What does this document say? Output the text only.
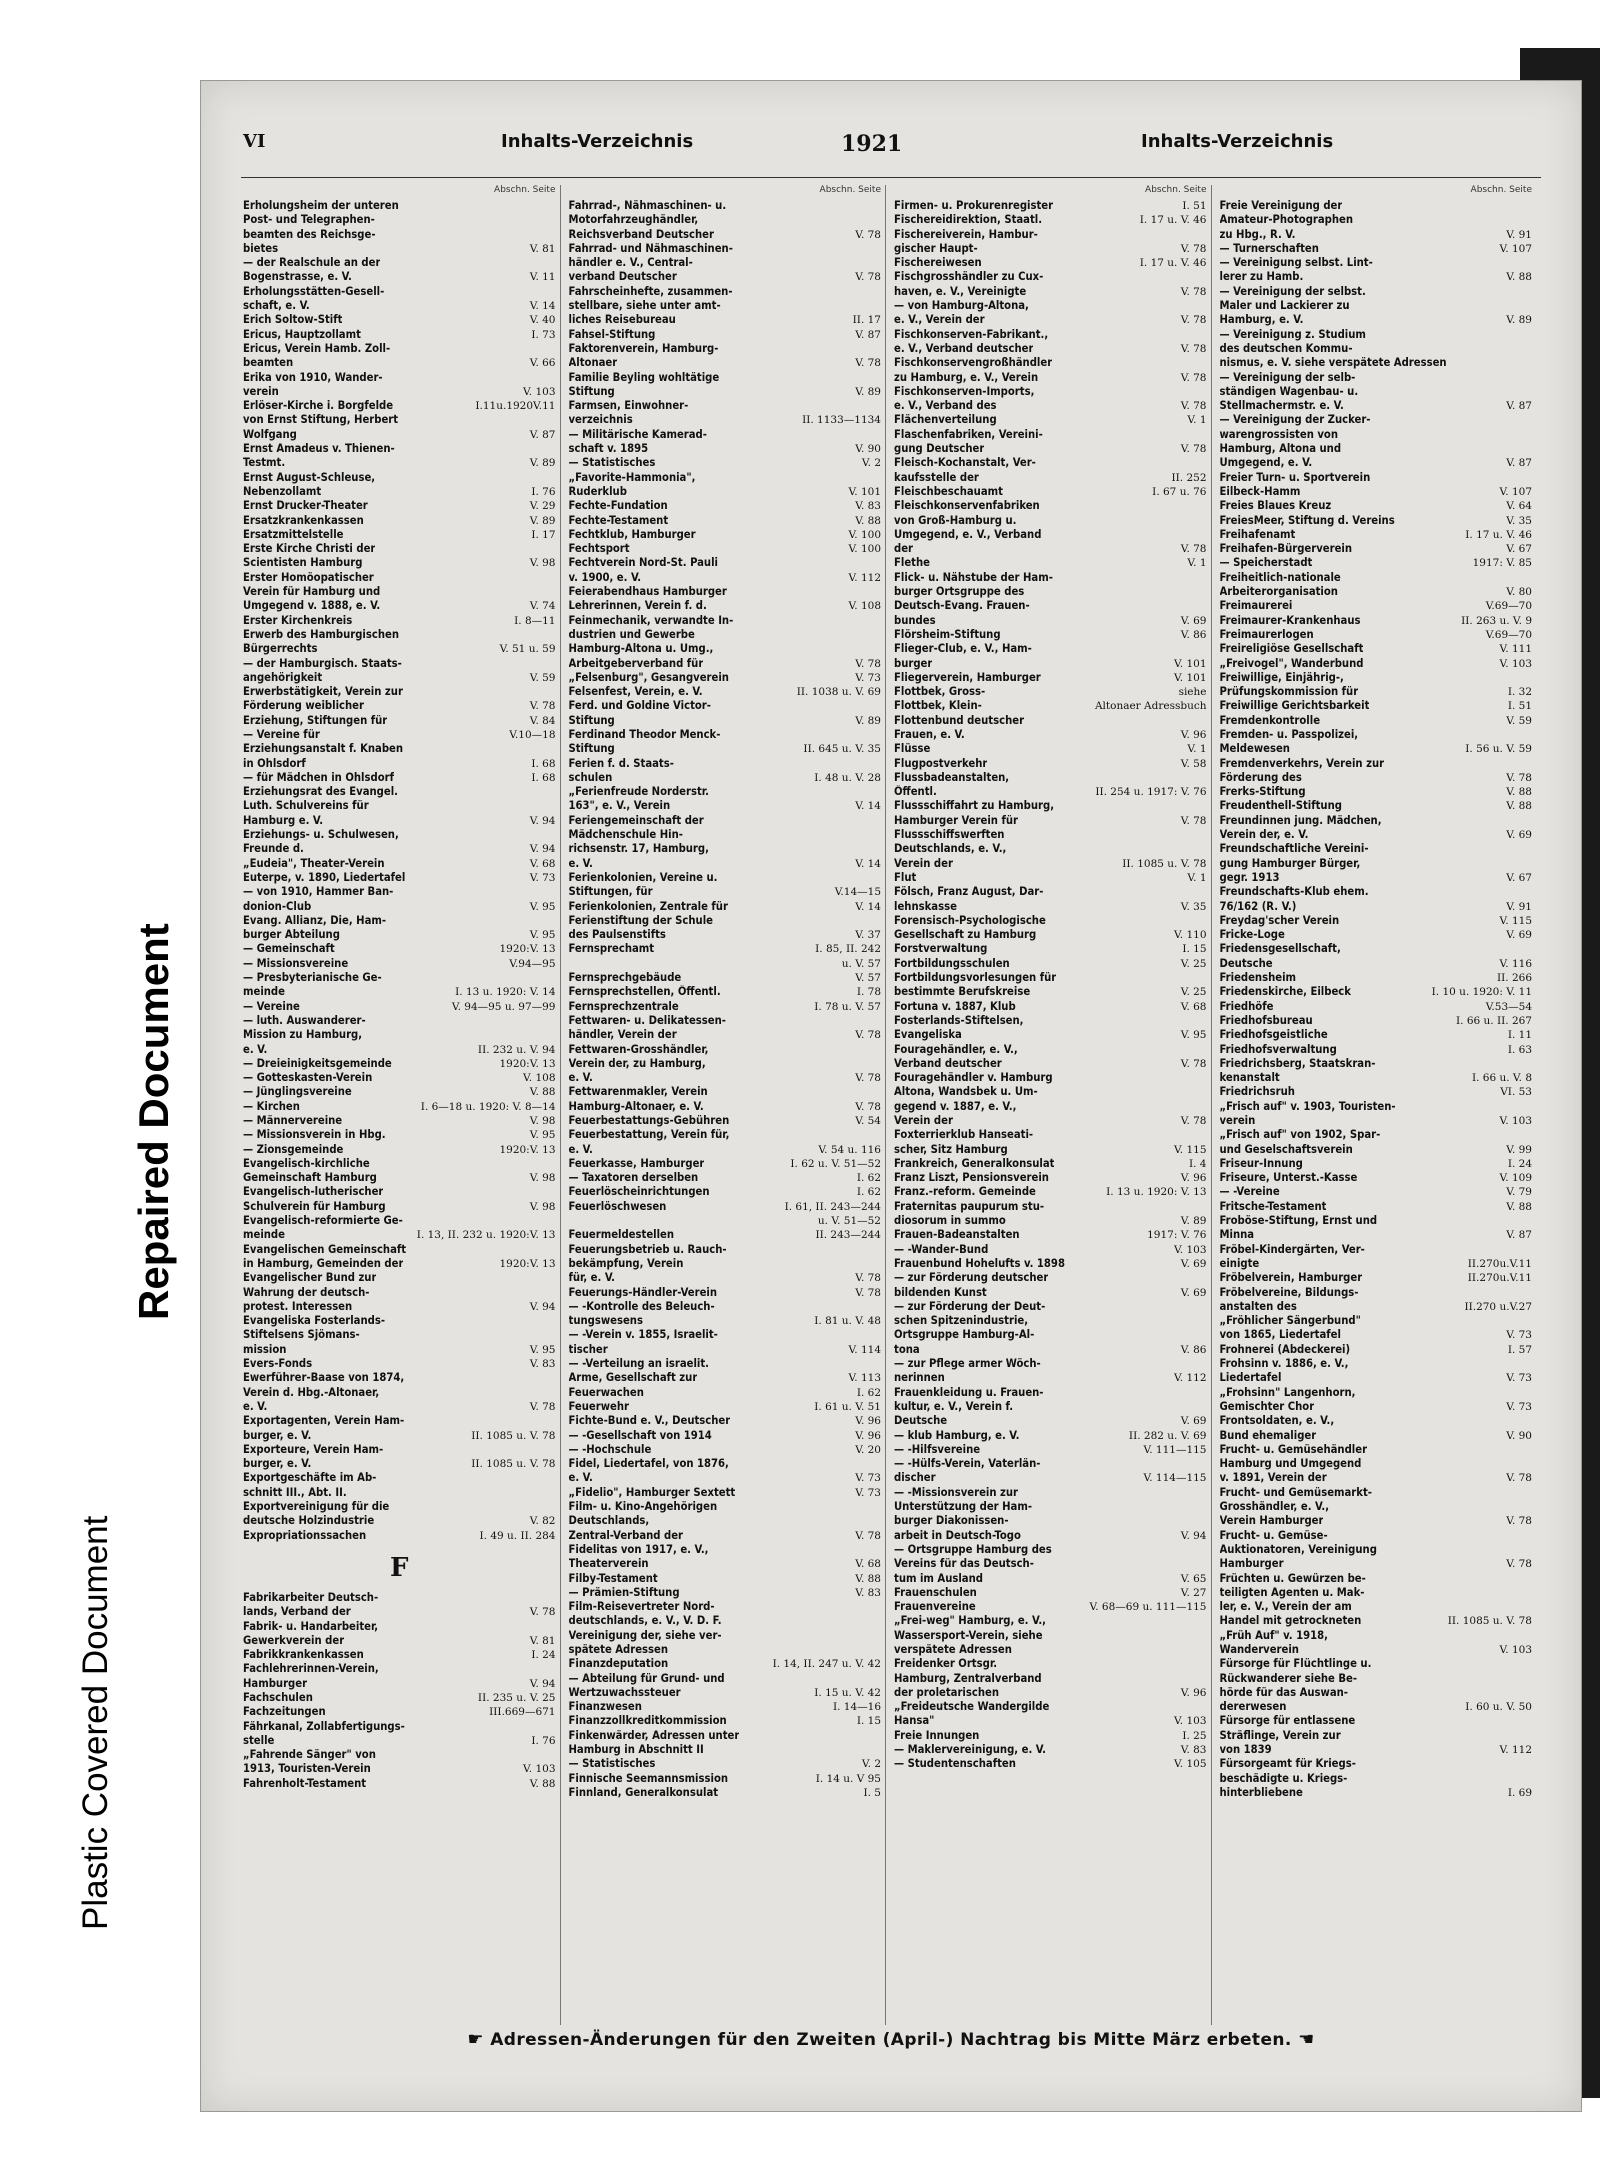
Repaired Document
Plastic Covered Document
VI	Inhalts-Verzeichnis	1921	Inhalts-Verzeichnis
Abschn. Seite
Erholungsheim der unteren
Post- und Telegraphen-
beamten des Reichsge-
bietes	V. 81
— der Realschule an der
Bogenstrasse, e. V.	V. 11
Erholungsstätten-Gesell-
schaft, e. V.	V. 14
Erich Soltow-Stift	V. 40
Ericus, Hauptzollamt	I. 73
Ericus, Verein Hamb. Zoll-
beamten	V. 66
Erika von 1910, Wander-
verein	V. 103
Erlöser-Kirche i. Borgfelde	I.11u.1920V.11
von Ernst Stiftung, Herbert
Wolfgang	V. 87
Ernst Amadeus v. Thienen-
Testmt.	V. 89
Ernst August-Schleuse,
Nebenzollamt	I. 76
Ernst Drucker-Theater	V. 29
Ersatzkrankenkassen	V. 89
Ersatzmittelstelle	I. 17
Erste Kirche Christi der
Scientisten Hamburg	V. 98
Erster Homöopatischer
Verein für Hamburg und
Umgegend v. 1888, e. V.	V. 74
Erster Kirchenkreis	I. 8—11
Erwerb des Hamburgischen
Bürgerrechts	V. 51 u. 59
— der Hamburgisch. Staats-
angehörigkeit	V. 59
Erwerbstätigkeit, Verein zur
Förderung weiblicher	V. 78
Erziehung, Stiftungen für	V. 84
— Vereine für	V.10—18
Erziehungsanstalt f. Knaben
in Ohlsdorf	I. 68
— für Mädchen in Ohlsdorf	I. 68
Erziehungsrat des Evangel.
Luth. Schulvereins für
Hamburg e. V.	V. 94
Erziehungs- u. Schulwesen,
Freunde d.	V. 94
„Eudeia", Theater-Verein	V. 68
Euterpe, v. 1890, Liedertafel	V. 73
— von 1910, Hammer Ban-
donion-Club	V. 95
Evang. Allianz, Die, Ham-
burger Abteilung	V. 95
— Gemeinschaft	1920:V. 13
— Missionsvereine	V.94—95
— Presbyterianische Ge-
meinde	I. 13 u. 1920: V. 14
— Vereine	V. 94—95 u. 97—99
— luth. Auswanderer-
Mission zu Hamburg,
e. V.	II. 232 u. V. 94
— Dreieinigkeitsgemeinde	1920:V. 13
— Gotteskasten-Verein	V. 108
— Jünglingsvereine	V. 88
— Kirchen	I. 6—18 u. 1920: V. 8—14
— Männervereine	V. 98
— Missionsverein in Hbg.	V. 95
— Zionsgemeinde	1920:V. 13
Evangelisch-kirchliche
Gemeinschaft Hamburg	V. 98
Evangelisch-lutherischer
Schulverein für Hamburg	V. 98
Evangelisch-reformierte Ge-
meinde	I. 13, II. 232 u. 1920:V. 13
Evangelischen Gemeinschaft
in Hamburg, Gemeinden der	1920:V. 13
Evangelischer Bund zur
Wahrung der deutsch-
protest. Interessen	V. 94
Evangeliska Fosterlands-
Stiftelsens Sjömans-
mission	V. 95
Evers-Fonds	V. 83
Ewerführer-Baase von 1874,
Verein d. Hbg.-Altonaer,
e. V.	V. 78
Exportagenten, Verein Ham-
burger, e. V.	II. 1085 u. V. 78
Exporteure, Verein Ham-
burger, e. V.	II. 1085 u. V. 78
Exportgeschäfte im Ab-
schnitt III., Abt. II.
Exportvereinigung für die
deutsche Holzindustrie	V. 82
Expropriationssachen	I. 49 u. II. 284
F
Fabrikarbeiter Deutsch-
lands, Verband der	V. 78
Fabrik- u. Handarbeiter,
Gewerkverein der	V. 81
Fabrikkrankenkassen	I. 24
Fachlehrerinnen-Verein,
Hamburger	V. 94
Fachschulen	II. 235 u. V. 25
Fachzeitungen	III.669—671
Fährkanal, Zollabfertigungs-
stelle	I. 76
„Fahrende Sänger" von
1913, Touristen-Verein	V. 103
Fahrenholt-Testament	V. 88
Abschn. Seite
Fahrrad-, Nähmaschinen- u.
Motorfahrzeughändler,
Reichsverband Deutscher	V. 78
Fahrrad- und Nähmaschinen-
händler e. V., Central-
verband Deutscher	V. 78
Fahrscheinhefte, zusammen-
stellbare, siehe unter amt-
liches Reisebureau	II. 17
Fahsel-Stiftung	V. 87
Faktorenverein, Hamburg-
Altonaer	V. 78
Familie Beyling wohltätige
Stiftung	V. 89
Farmsen, Einwohner-
verzeichnis	II. 1133—1134
— Militärische Kamerad-
schaft v. 1895	V. 90
— Statistisches	V. 2
„Favorite-Hammonia",
Ruderklub	V. 101
Fechte-Fundation	V. 83
Fechte-Testament	V. 88
Fechtklub, Hamburger	V. 100
Fechtsport	V. 100
Fechtverein Nord-St. Pauli
v. 1900, e. V.	V. 112
Feierabendhaus Hamburger
Lehrerinnen, Verein f. d.	V. 108
Feinmechanik, verwandte In-
dustrien und Gewerbe
Hamburg-Altona u. Umg.,
Arbeitgeberverband für	V. 78
„Felsenburg", Gesangverein	V. 73
Felsenfest, Verein, e. V.	II. 1038 u. V. 69
Ferd. und Goldine Victor-
Stiftung	V. 89
Ferdinand Theodor Menck-
Stiftung	II. 645 u. V. 35
Ferien f. d. Staats-
schulen	I. 48 u. V. 28
„Ferienfreude Norderstr.
163", e. V., Verein	V. 14
Feriengemeinschaft der
Mädchenschule Hin-
richsenstr. 17, Hamburg,
e. V.	V. 14
Ferienkolonien, Vereine u.
Stiftungen, für	V.14—15
Ferienkolonien, Zentrale für	V. 14
Ferienstiftung der Schule
des Paulsenstifts	V. 37
Fernsprechamt	I. 85, II. 242
u. V. 57
Fernsprechgebäude	V. 57
Fernsprechstellen, Öffentl.	I. 78
Fernsprechzentrale	I. 78 u. V. 57
Fettwaren- u. Delikatessen-
händler, Verein der	V. 78
Fettwaren-Grosshändler,
Verein der, zu Hamburg,
e. V.	V. 78
Fettwarenmakler, Verein
Hamburg-Altonaer, e. V.	V. 78
Feuerbestattungs-Gebühren	V. 54
Feuerbestattung, Verein für,
e. V.	V. 54 u. 116
Feuerkasse, Hamburger	I. 62 u. V. 51—52
— Taxatoren derselben	I. 62
Feuerlöscheinrichtungen	I. 62
Feuerlöschwesen	I. 61, II. 243—244
u. V. 51—52
Feuermeldestellen	II. 243—244
Feuerungsbetrieb u. Rauch-
bekämpfung, Verein
für, e. V.	V. 78
Feuerungs-Händler-Verein	V. 78
— -Kontrolle des Beleuch-
tungswesens	I. 81 u. V. 48
— -Verein v. 1855, Israelit-
tischer	V. 114
— -Verteilung an israelit.
Arme, Gesellschaft zur	V. 113
Feuerwachen	I. 62
Feuerwehr	I. 61 u. V. 51
Fichte-Bund e. V., Deutscher	V. 96
— -Gesellschaft von 1914	V. 96
— -Hochschule	V. 20
Fidel, Liedertafel, von 1876,
e. V.	V. 73
„Fidelio", Hamburger Sextett	V. 73
Film- u. Kino-Angehörigen
Deutschlands,
Zentral-Verband der	V. 78
Fidelitas von 1917, e. V.,
Theaterverein	V. 68
Filby-Testament	V. 88
— Prämien-Stiftung	V. 83
Film-Reisevertreter Nord-
deutschlands, e. V., V. D. F.
Vereinigung der, siehe ver-
spätete Adressen
Finanzdeputation	I. 14, II. 247 u. V. 42
— Abteilung für Grund- und
Wertzuwachssteuer	I. 15 u. V. 42
Finanzwesen	I. 14—16
Finanzzollkreditkommission	I. 15
Finkenwärder, Adressen unter
Hamburg in Abschnitt II
— Statistisches	V. 2
Finnische Seemannsmission	I. 14 u. V 95
Finnland, Generalkonsulat	I. 5
Abschn. Seite
Firmen- u. Prokurenregister	I. 51
Fischereidirektion, Staatl.	I. 17 u. V. 46
Fischereiverein, Hambur-
gischer Haupt-	V. 78
Fischereiwesen	I. 17 u. V. 46
Fischgrosshändler zu Cux-
haven, e. V., Vereinigte	V. 78
— von Hamburg-Altona,
e. V., Verein der	V. 78
Fischkonserven-Fabrikant.,
e. V., Verband deutscher	V. 78
Fischkonservengroßhändler
zu Hamburg, e. V., Verein	V. 78
Fischkonserven-Imports,
e. V., Verband des	V. 78
Flächenverteilung	V. 1
Flaschenfabriken, Vereini-
gung Deutscher	V. 78
Fleisch-Kochanstalt, Ver-
kaufsstelle der	II. 252
Fleischbeschauamt	I. 67 u. 76
Fleischkonservenfabriken
von Groß-Hamburg u.
Umgegend, e. V., Verband
der	V. 78
Flethe	V. 1
Flick- u. Nähstube der Ham-
burger Ortsgruppe des
Deutsch-Evang. Frauen-
bundes	V. 69
Flörsheim-Stiftung	V. 86
Flieger-Club, e. V., Ham-
burger	V. 101
Fliegerverein, Hamburger	V. 101
Flottbek, Gross-	siehe
Flottbek, Klein-	Altonaer Adressbuch
Flottenbund deutscher
Frauen, e. V.	V. 96
Flüsse	V. 1
Flugpostverkehr	V. 58
Flussbadeanstalten,
Öffentl.	II. 254 u. 1917: V. 76
Flussschiffahrt zu Hamburg,
Hamburger Verein für	V. 78
Flussschiffswerften
Deutschlands, e. V.,
Verein der	II. 1085 u. V. 78
Flut	V. 1
Fölsch, Franz August, Dar-
lehnskasse	V. 35
Forensisch-Psychologische
Gesellschaft zu Hamburg	V. 110
Forstverwaltung	I. 15
Fortbildungsschulen	V. 25
Fortbildungsvorlesungen für
bestimmte Berufskreise	V. 25
Fortuna v. 1887, Klub	V. 68
Fosterlands-Stiftelsen,
Evangeliska	V. 95
Fouragehändler, e. V.,
Verband deutscher	V. 78
Fouragehändler v. Hamburg
Altona, Wandsbek u. Um-
gegend v. 1887, e. V.,
Verein der	V. 78
Foxterrierklub Hanseati-
scher, Sitz Hamburg	V. 115
Frankreich, Generalkonsulat	I. 4
Franz Liszt, Pensionsverein	V. 96
Franz.-reform. Gemeinde	I. 13 u. 1920: V. 13
Fraternitas paupurum stu-
diosorum in summo	V. 89
Frauen-Badeanstalten	1917: V. 76
— -Wander-Bund	V. 103
Frauenbund Hohelufts v. 1898	V. 69
— zur Förderung deutscher
bildenden Kunst	V. 69
— zur Förderung der Deut-
schen Spitzenindustrie,
Ortsgruppe Hamburg-Al-
tona	V. 86
— zur Pflege armer Wöch-
nerinnen	V. 112
Frauenkleidung u. Frauen-
kultur, e. V., Verein f.
Deutsche	V. 69
— klub Hamburg, e. V.	II. 282 u. V. 69
— -Hilfsvereine	V. 111—115
— -Hülfs-Verein, Vaterlän-
discher	V. 114—115
— -Missionsverein zur
Unterstützung der Ham-
burger Diakonissen-
arbeit in Deutsch-Togo	V. 94
— Ortsgruppe Hamburg des
Vereins für das Deutsch-
tum im Ausland	V. 65
Frauenschulen	V. 27
Frauenvereine	V. 68—69 u. 111—115
„Frei-weg" Hamburg, e. V.,
Wassersport-Verein, siehe
verspätete Adressen
Freidenker Ortsgr.
Hamburg, Zentralverband
der proletarischen	V. 96
„Freideutsche Wandergilde
Hansa"	V. 103
Freie Innungen	I. 25
— Maklervereinigung, e. V.	V. 83
— Studentenschaften	V. 105
Abschn. Seite
Freie Vereinigung der
Amateur-Photographen
zu Hbg., R. V.	V. 91
— Turnerschaften	V. 107
— Vereinigung selbst. Lint-
lerer zu Hamb.	V. 88
— Vereinigung der selbst.
Maler und Lackierer zu
Hamburg, e. V.	V. 89
— Vereinigung z. Studium
des deutschen Kommu-
nismus, e. V. siehe verspätete Adressen
— Vereinigung der selb-
ständigen Wagenbau- u.
Stellmachermstr. e. V.	V. 87
— Vereinigung der Zucker-
warengrossisten von
Hamburg, Altona und
Umgegend, e. V.	V. 87
Freier Turn- u. Sportverein
Eilbeck-Hamm	V. 107
Freies Blaues Kreuz	V. 64
FreiesMeer, Stiftung d. Vereins	V. 35
Freihafenamt	I. 17 u. V. 46
Freihafen-Bürgerverein	V. 67
— Speicherstadt	1917: V. 85
Freiheitlich-nationale
Arbeiterorganisation	V. 80
Freimaurerei	V.69—70
Freimaurer-Krankenhaus	II. 263 u. V. 9
Freimaurerlogen	V.69—70
Freireligiöse Gesellschaft	V. 111
„Freivogel", Wanderbund	V. 103
Freiwillige, Einjährig-,
Prüfungskommission für	I. 32
Freiwillige Gerichtsbarkeit	I. 51
Fremdenkontrolle	V. 59
Fremden- u. Passpolizei,
Meldewesen	I. 56 u. V. 59
Fremdenverkehrs, Verein zur
Förderung des	V. 78
Frerks-Stiftung	V. 88
Freudenthell-Stiftung	V. 88
Freundinnen jung. Mädchen,
Verein der, e. V.	V. 69
Freundschaftliche Vereini-
gung Hamburger Bürger,
gegr. 1913	V. 67
Freundschafts-Klub ehem.
76/162 (R. V.)	V. 91
Freydag'scher Verein	V. 115
Fricke-Loge	V. 69
Friedensgesellschaft,
Deutsche	V. 116
Friedensheim	II. 266
Friedenskirche, Eilbeck	I. 10 u. 1920: V. 11
Friedhöfe	V.53—54
Friedhofsbureau	I. 66 u. II. 267
Friedhofsgeistliche	I. 11
Friedhofsverwaltung	I. 63
Friedrichsberg, Staatskran-
kenanstalt	I. 66 u. V. 8
Friedrichsruh	VI. 53
„Frisch auf" v. 1903, Touristen-
verein	V. 103
„Frisch auf" von 1902, Spar-
und Geselschaftsverein	V. 99
Friseur-Innung	I. 24
Friseure, Unterst.-Kasse	V. 109
— -Vereine	V. 79
Fritsche-Testament	V. 88
Froböse-Stiftung, Ernst und
Minna	V. 87
Fröbel-Kindergärten, Ver-
einigte	II.270u.V.11
Fröbelverein, Hamburger	II.270u.V.11
Fröbelvereine, Bildungs-
anstalten des	II.270 u.V.27
„Fröhlicher Sängerbund"
von 1865, Liedertafel	V. 73
Frohnerei (Abdeckerei)	I. 57
Frohsinn v. 1886, e. V.,
Liedertafel	V. 73
„Frohsinn" Langenhorn,
Gemischter Chor	V. 73
Frontsoldaten, e. V.,
Bund ehemaliger	V. 90
Frucht- u. Gemüsehändler
Hamburg und Umgegend
v. 1891, Verein der	V. 78
Frucht- und Gemüsemarkt-
Grosshändler, e. V.,
Verein Hamburger	V. 78
Frucht- u. Gemüse-
Auktionatoren, Vereinigung
Hamburger	V. 78
Früchten u. Gewürzen be-
teiligten Agenten u. Mak-
ler, e. V., Verein der am
Handel mit getrockneten	II. 1085 u. V. 78
„Früh Auf" v. 1918,
Wanderverein	V. 103
Fürsorge für Flüchtlinge u.
Rückwanderer siehe Be-
hörde für das Auswan-
dererwesen	I. 60 u. V. 50
Fürsorge für entlassene
Sträflinge, Verein zur
von 1839	V. 112
Fürsorgeamt für Kriegs-
beschädigte u. Kriegs-
hinterbliebene	I. 69
☛ Adressen-Änderungen für den Zweiten (April-) Nachtrag bis Mitte März erbeten. ☚
